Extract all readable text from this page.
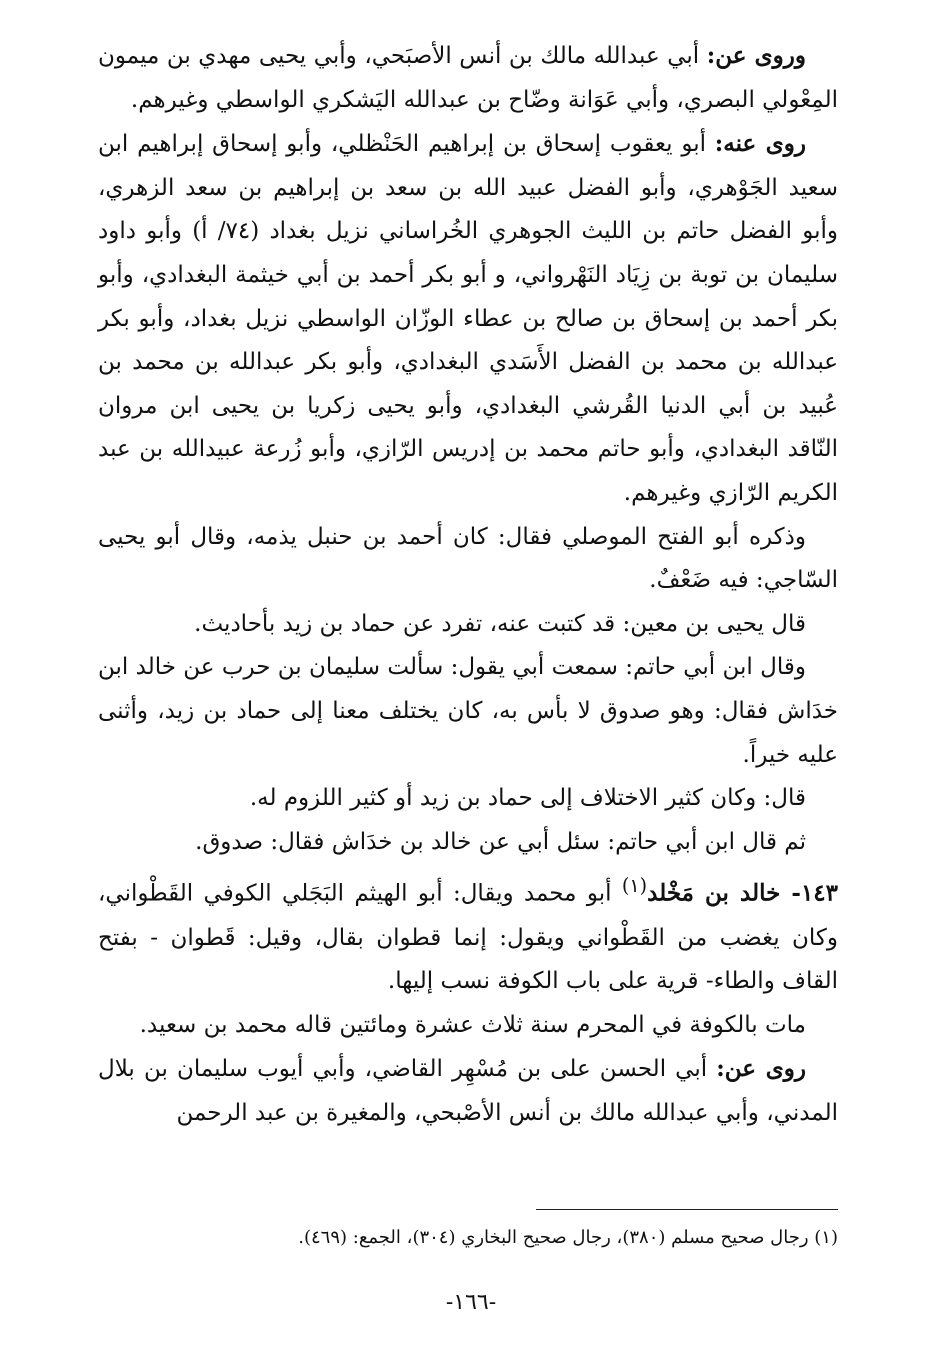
وروى عن: أبي عبدالله مالك بن أنس الأصبَحي، وأبي يحيى مهدي بن ميمون المِعْولي البصري، وأبي عَوَانة وضّاح بن عبدالله اليَشكري الواسطي وغيرهم.

روى عنه: أبو يعقوب إسحاق بن إبراهيم الحَنْظلي، وأبو إسحاق إبراهيم ابن سعيد الجَوْهري، وأبو الفضل عبيد الله بن سعد بن إبراهيم بن سعد الزهري، وأبو الفضل حاتم بن الليث الجوهري الخُراساني نزيل بغداد (٧٤/ أ) وأبو داود سليمان بن توبة بن زِيَاد النَهْرواني، و أبو بكر أحمد بن أبي خيثمة البغدادي، وأبو بكر أحمد بن إسحاق بن صالح بن عطاء الوزّان الواسطي نزيل بغداد، وأبو بكر عبدالله بن محمد بن الفضل الأَسَدي البغدادي، وأبو بكر عبدالله بن محمد بن عُبيد بن أبي الدنيا القُرشي البغدادي، وأبو يحيى زكريا بن يحيى ابن مروان النّاقد البغدادي، وأبو حاتم محمد بن إدريس الرّازي، وأبو زُرعة عبيدالله بن عبد الكريم الرّازي وغيرهم.

وذكره أبو الفتح الموصلي فقال: كان أحمد بن حنبل يذمه، وقال أبو يحيى السّاجي: فيه ضَعْفٌ.

قال يحيى بن معين: قد كتبت عنه، تفرد عن حماد بن زيد بأحاديث.

وقال ابن أبي حاتم: سمعت أبي يقول: سألت سليمان بن حرب عن خالد ابن خدَاش فقال: وهو صدوق لا بأس به، كان يختلف معنا إلى حماد بن زيد، وأثنى عليه خيراً.

قال: وكان كثير الاختلاف إلى حماد بن زيد أو كثير اللزوم له.

ثم قال ابن أبي حاتم: سئل أبي عن خالد بن خدَاش فقال: صدوق.

١٤٣- خالد بن مَخْلد$^{(١)}$ أبو محمد ويقال: أبو الهيثم البَجَلي الكوفي القَطْواني، وكان يغضب من القَطْواني ويقول: إنما قطوان بقال، وقيل: قَطوان - بفتح القاف والطاء- قرية على باب الكوفة نسب إليها.

مات بالكوفة في المحرم سنة ثلاث عشرة ومائتين قاله محمد بن سعيد.

روى عن: أبي الحسن على بن مُسْهِر القاضي، وأبي أيوب سليمان بن بلال المدني، وأبي عبدالله مالك بن أنس الأصْبحي، والمغيرة بن عبد الرحمن

(١) رجال صحيح مسلم (٣٨٠)، رجال صحيح البخاري (٣٠٤)، الجمع: (٤٦٩).
-١٦٦-
